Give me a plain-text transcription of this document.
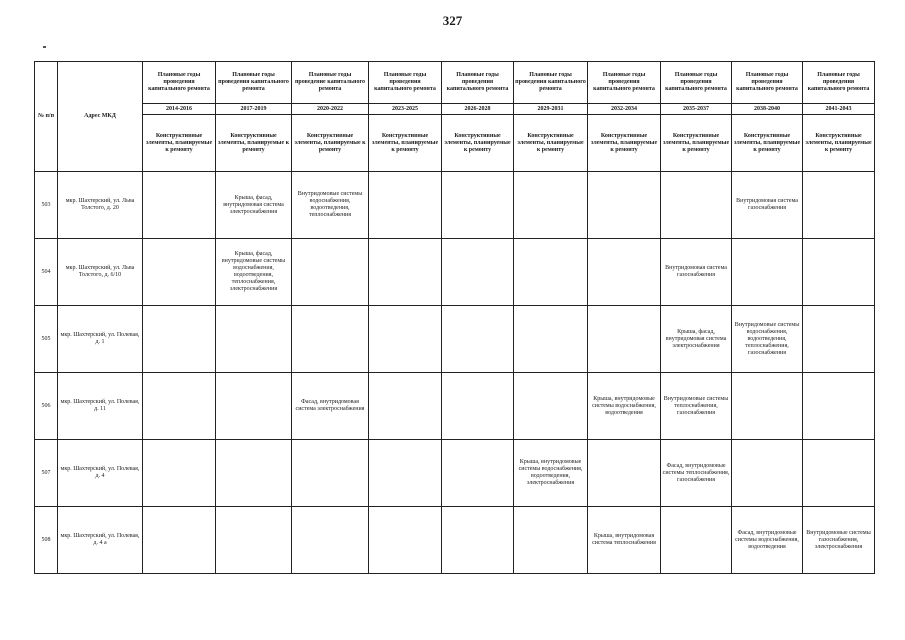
327
№ п/п	Адрес МКД	Плановые годы проведения капитального ремонта	Плановые годы проведения капитального ремонта	Плановые годы проведение капитального ремонта	Плановые годы проведения капитального ремонта	Плановые годы проведения капитального ремонта	Плановые годы проведения капитального ремонта	Плановые годы проведения капитального ремонта	Плановые годы проведения капитального ремонта	Плановые годы проведения капитального ремонта	Плановые годы проведения капитального ремонта
		2014-2016	2017-2019	2020-2022	2023-2025	2026-2028	2029-2031	2032-2034	2035-2037	2038-2040	2041-2043
		Конструктивные элементы, планируемые к ремонту	Конструктивные элементы, планируемые к ремонту	Конструктивные элементы, планируемые к ремонту	Конструктивные элементы, планируемые к ремонту	Конструктивные элементы, планируемые к ремонту	Конструктивные элементы, планируемые к ремонту	Конструктивные элементы, планируемые к ремонту	Конструктивные элементы, планируемые к ремонту	Конструктивные элементы, планируемые к ремонту	Конструктивные элементы, планируемые к ремонту
503	мкр. Шахтерский, ул. Льва Толстого, д. 20		Крыша, фасад, внутридомовая система электроснабжения	Внутридомовые системы водоснабжения, водоотведения, теплоснабжения						Внутридомовая система газоснабжения	
504	мкр. Шахтерский, ул. Льва Толстого, д. 6/10		Крыша, фасад, внутридомовые системы водоснабжения, водоотведения, теплоснабжения, электроснабжения						Внутридомовая система газоснабжения		
505	мкр. Шахтерский, ул. Полевая, д. 1								Крыша, фасад, внутридомовая система электроснабжения	Внутридомовые системы водоснабжения, водоотведения, теплоснабжения, газоснабжения	
506	мкр. Шахтерский, ул. Полевая, д. 11			Фасад, внутридомовая система электроснабжения				Крыша, внутридомовые системы водоснабжения, водоотведения	Внутридомовые системы теплоснабжения, газоснабжения		
507	мкр. Шахтерский, ул. Полевая, д. 4						Крыша, внутридомовые системы водоснабжения, водоотведения, электроснабжения		Фасад, внутридомовые системы теплоснабжения, газоснабжения		
508	мкр. Шахтерский, ул. Полевая, д. 4 а							Крыша, внутридомовая система теплоснабжения		Фасад, внутридомовые системы водоснабжения, водоотведения	Внутридомовые системы газоснабжения, электроснабжения
